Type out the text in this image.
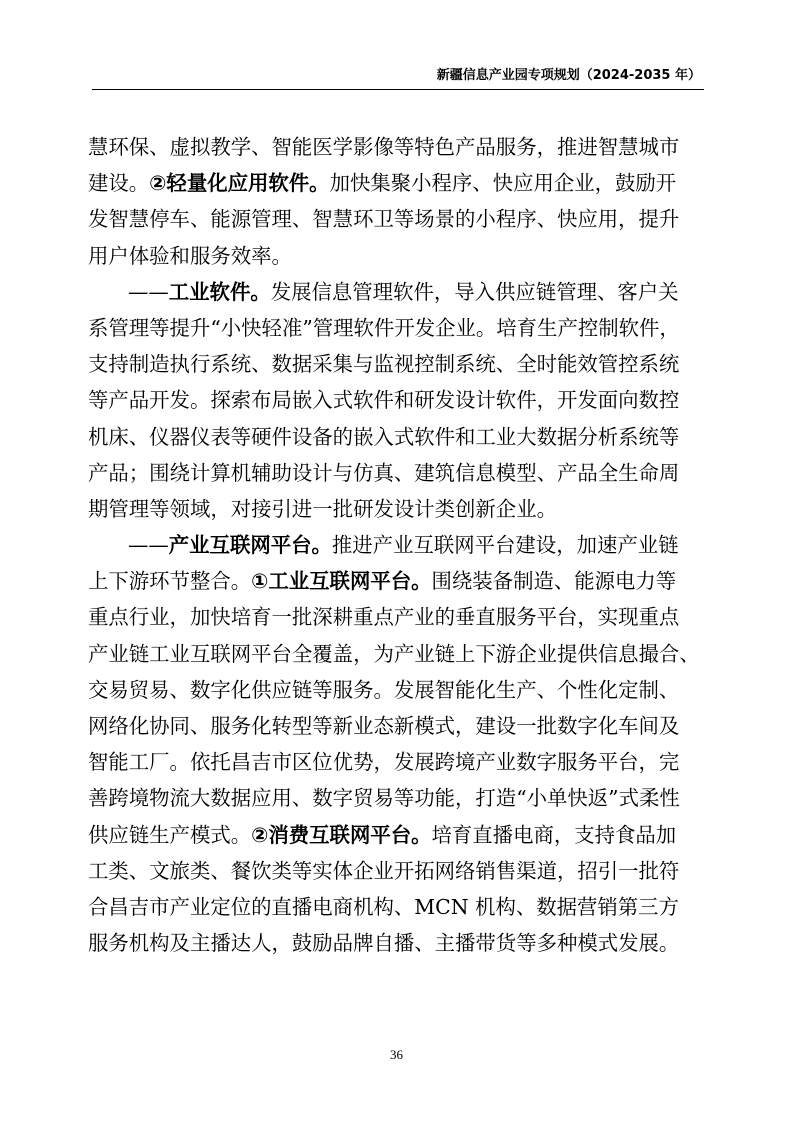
新疆信息产业园专项规划（2024-2035 年）
慧环保、虚拟教学、智能医学影像等特色产品服务，推进智慧城市
建设。②轻量化应用软件。加快集聚小程序、快应用企业，鼓励开
发智慧停车、能源管理、智慧环卫等场景的小程序、快应用，提升
用户体验和服务效率。
——工业软件。发展信息管理软件，导入供应链管理、客户关
系管理等提升“小快轻准”管理软件开发企业。培育生产控制软件，
支持制造执行系统、数据采集与监视控制系统、全时能效管控系统
等产品开发。探索布局嵌入式软件和研发设计软件，开发面向数控
机床、仪器仪表等硬件设备的嵌入式软件和工业大数据分析系统等
产品；围绕计算机辅助设计与仿真、建筑信息模型、产品全生命周
期管理等领域，对接引进一批研发设计类创新企业。
——产业互联网平台。推进产业互联网平台建设，加速产业链
上下游环节整合。①工业互联网平台。围绕装备制造、能源电力等
重点行业，加快培育一批深耕重点产业的垂直服务平台，实现重点
产业链工业互联网平台全覆盖，为产业链上下游企业提供信息撮合、
交易贸易、数字化供应链等服务。发展智能化生产、个性化定制、
网络化协同、服务化转型等新业态新模式，建设一批数字化车间及
智能工厂。依托昌吉市区位优势，发展跨境产业数字服务平台，完
善跨境物流大数据应用、数字贸易等功能，打造“小单快返”式柔性
供应链生产模式。②消费互联网平台。培育直播电商，支持食品加
工类、文旅类、餐饮类等实体企业开拓网络销售渠道，招引一批符
合昌吉市产业定位的直播电商机构、MCN 机构、数据营销第三方
服务机构及主播达人，鼓励品牌自播、主播带货等多种模式发展。
36
